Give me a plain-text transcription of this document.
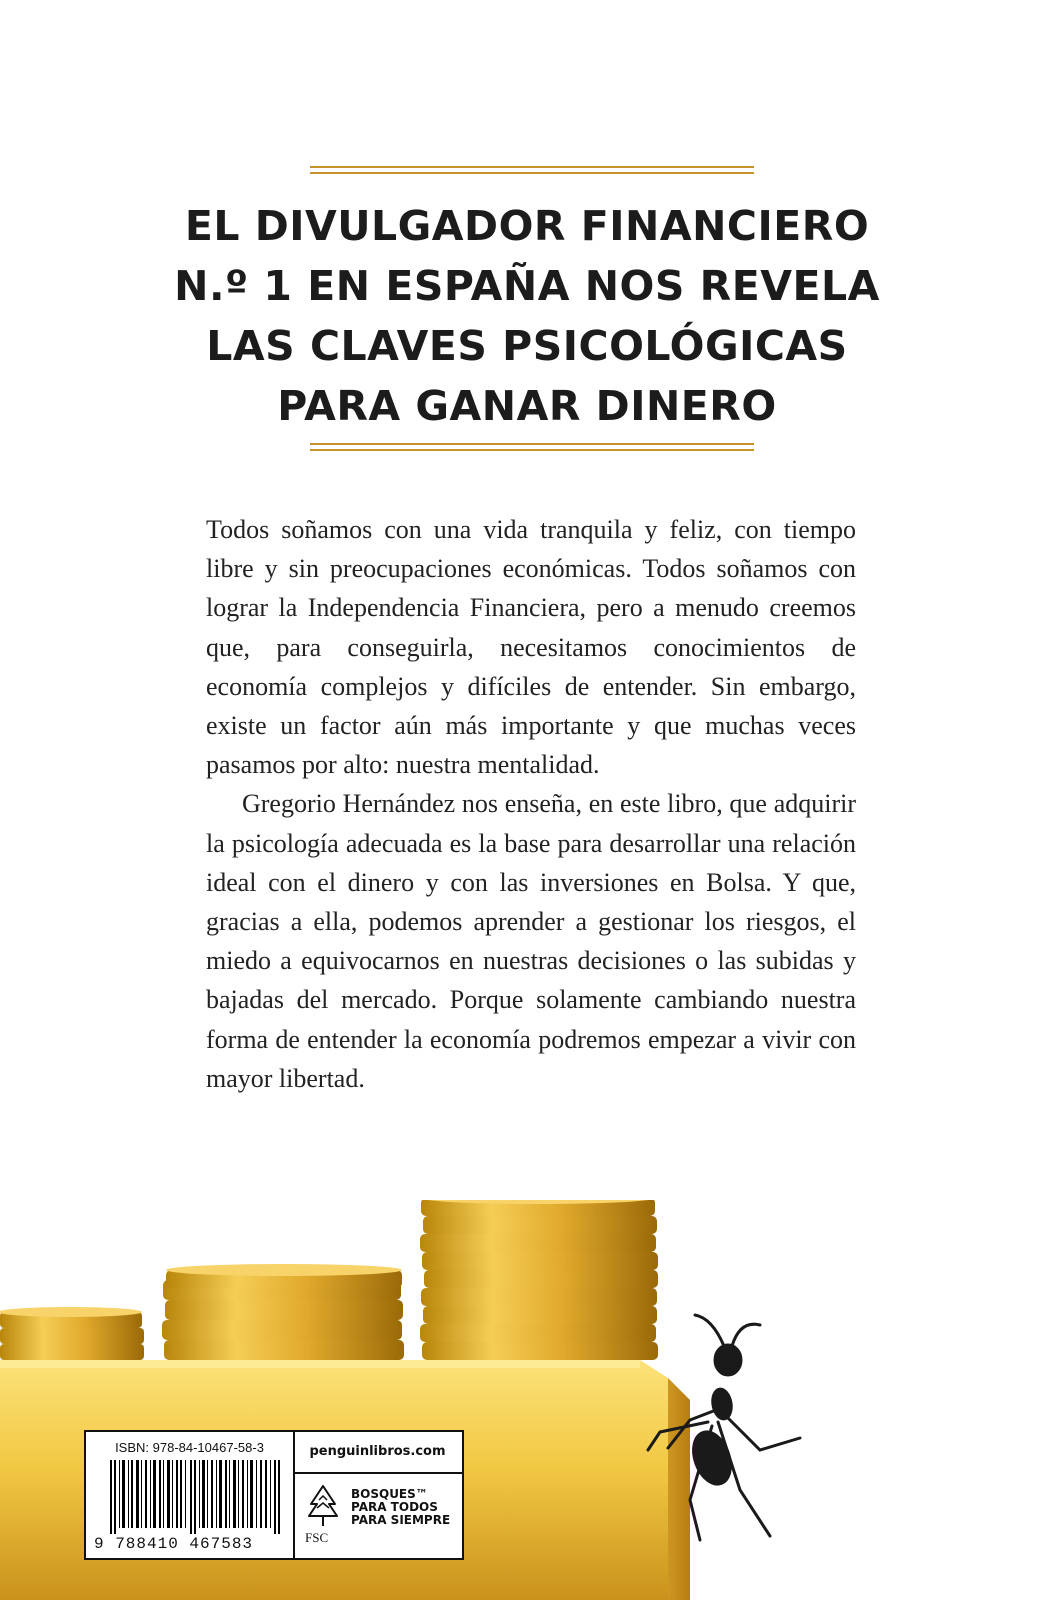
EL DIVULGADOR FINANCIERO
N.º 1 EN ESPAÑA NOS REVELA
LAS CLAVES PSICOLÓGICAS
PARA GANAR DINERO

Todos soñamos con una vida tranquila y feliz, con tiempo libre y sin preocupaciones económicas. Todos soñamos con lograr la Independencia Financiera, pero a menudo creemos que, para conseguirla, necesitamos conocimientos de economía complejos y difíciles de entender. Sin embargo, existe un factor aún más importante y que muchas veces pasamos por alto: nuestra mentalidad.

Gregorio Hernández nos enseña, en este libro, que adquirir la psicología adecuada es la base para desarrollar una relación ideal con el dinero y con las inversiones en Bolsa. Y que, gracias a ella, podemos aprender a gestionar los riesgos, el miedo a equivocarnos en nuestras decisiones o las subidas y bajadas del mercado. Porque solamente cambiando nuestra forma de entender la economía podremos empezar a vivir con mayor libertad.

ISBN: 978-84-10467-58-3
9 788410 467583
penguinlibros.com
FSC
BOSQUES™
PARA TODOS
PARA SIEMPRE
